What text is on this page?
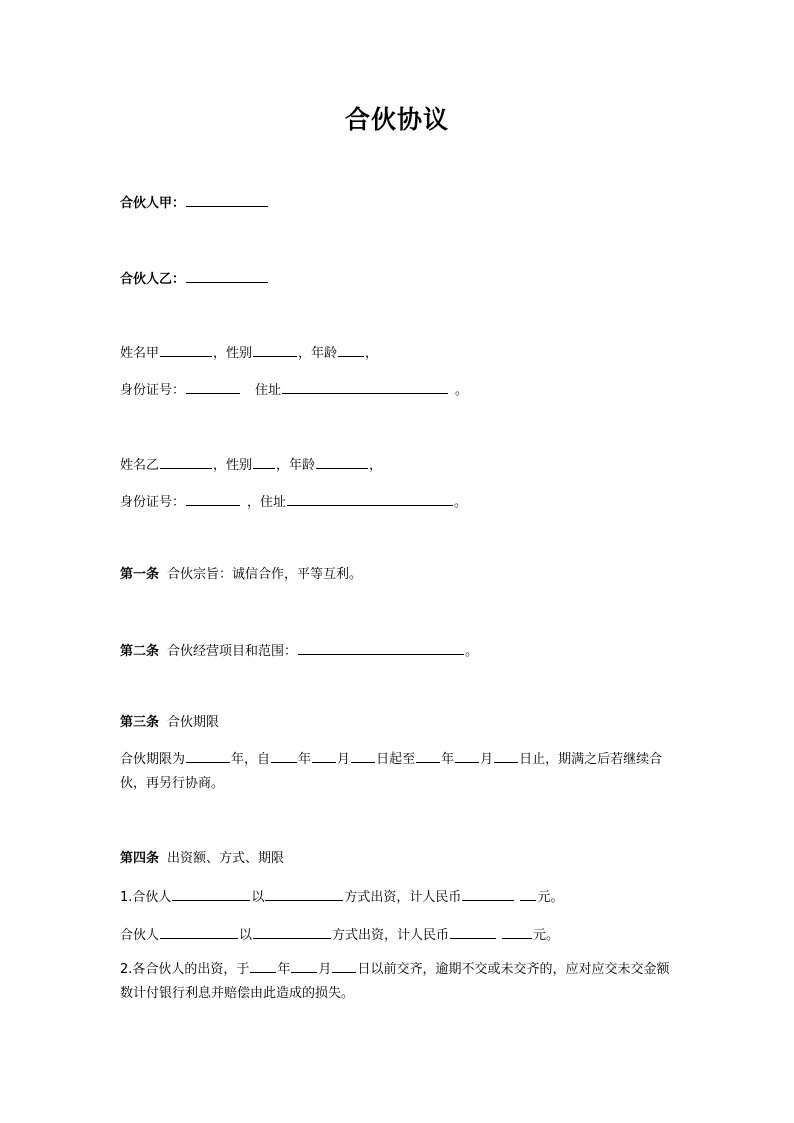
合伙协议
合伙人甲：
合伙人乙：
姓名甲	，性别	，年龄 ，
身份证号：	住址	。
姓名乙	，性别 ，年龄	，
身份证号：	，住址	。
第一条 合伙宗旨：诚信合作，平等互利。
第二条 合伙经营项目和范围：	。
第三条 合伙期限
合伙期限为	年，自 年 月 日起至 年 月 日止，期满之后若继续合伙，再另行协商。
第四条 出资额、方式、期限
1.合伙人	以	方式出资，计人民币	元。
合伙人	以	方式出资，计人民币	元。
2.各合伙人的出资，于 年 月 日以前交齐，逾期不交或未交齐的，应对应交未交金额数计付银行利息并赔偿由此造成的损失。
